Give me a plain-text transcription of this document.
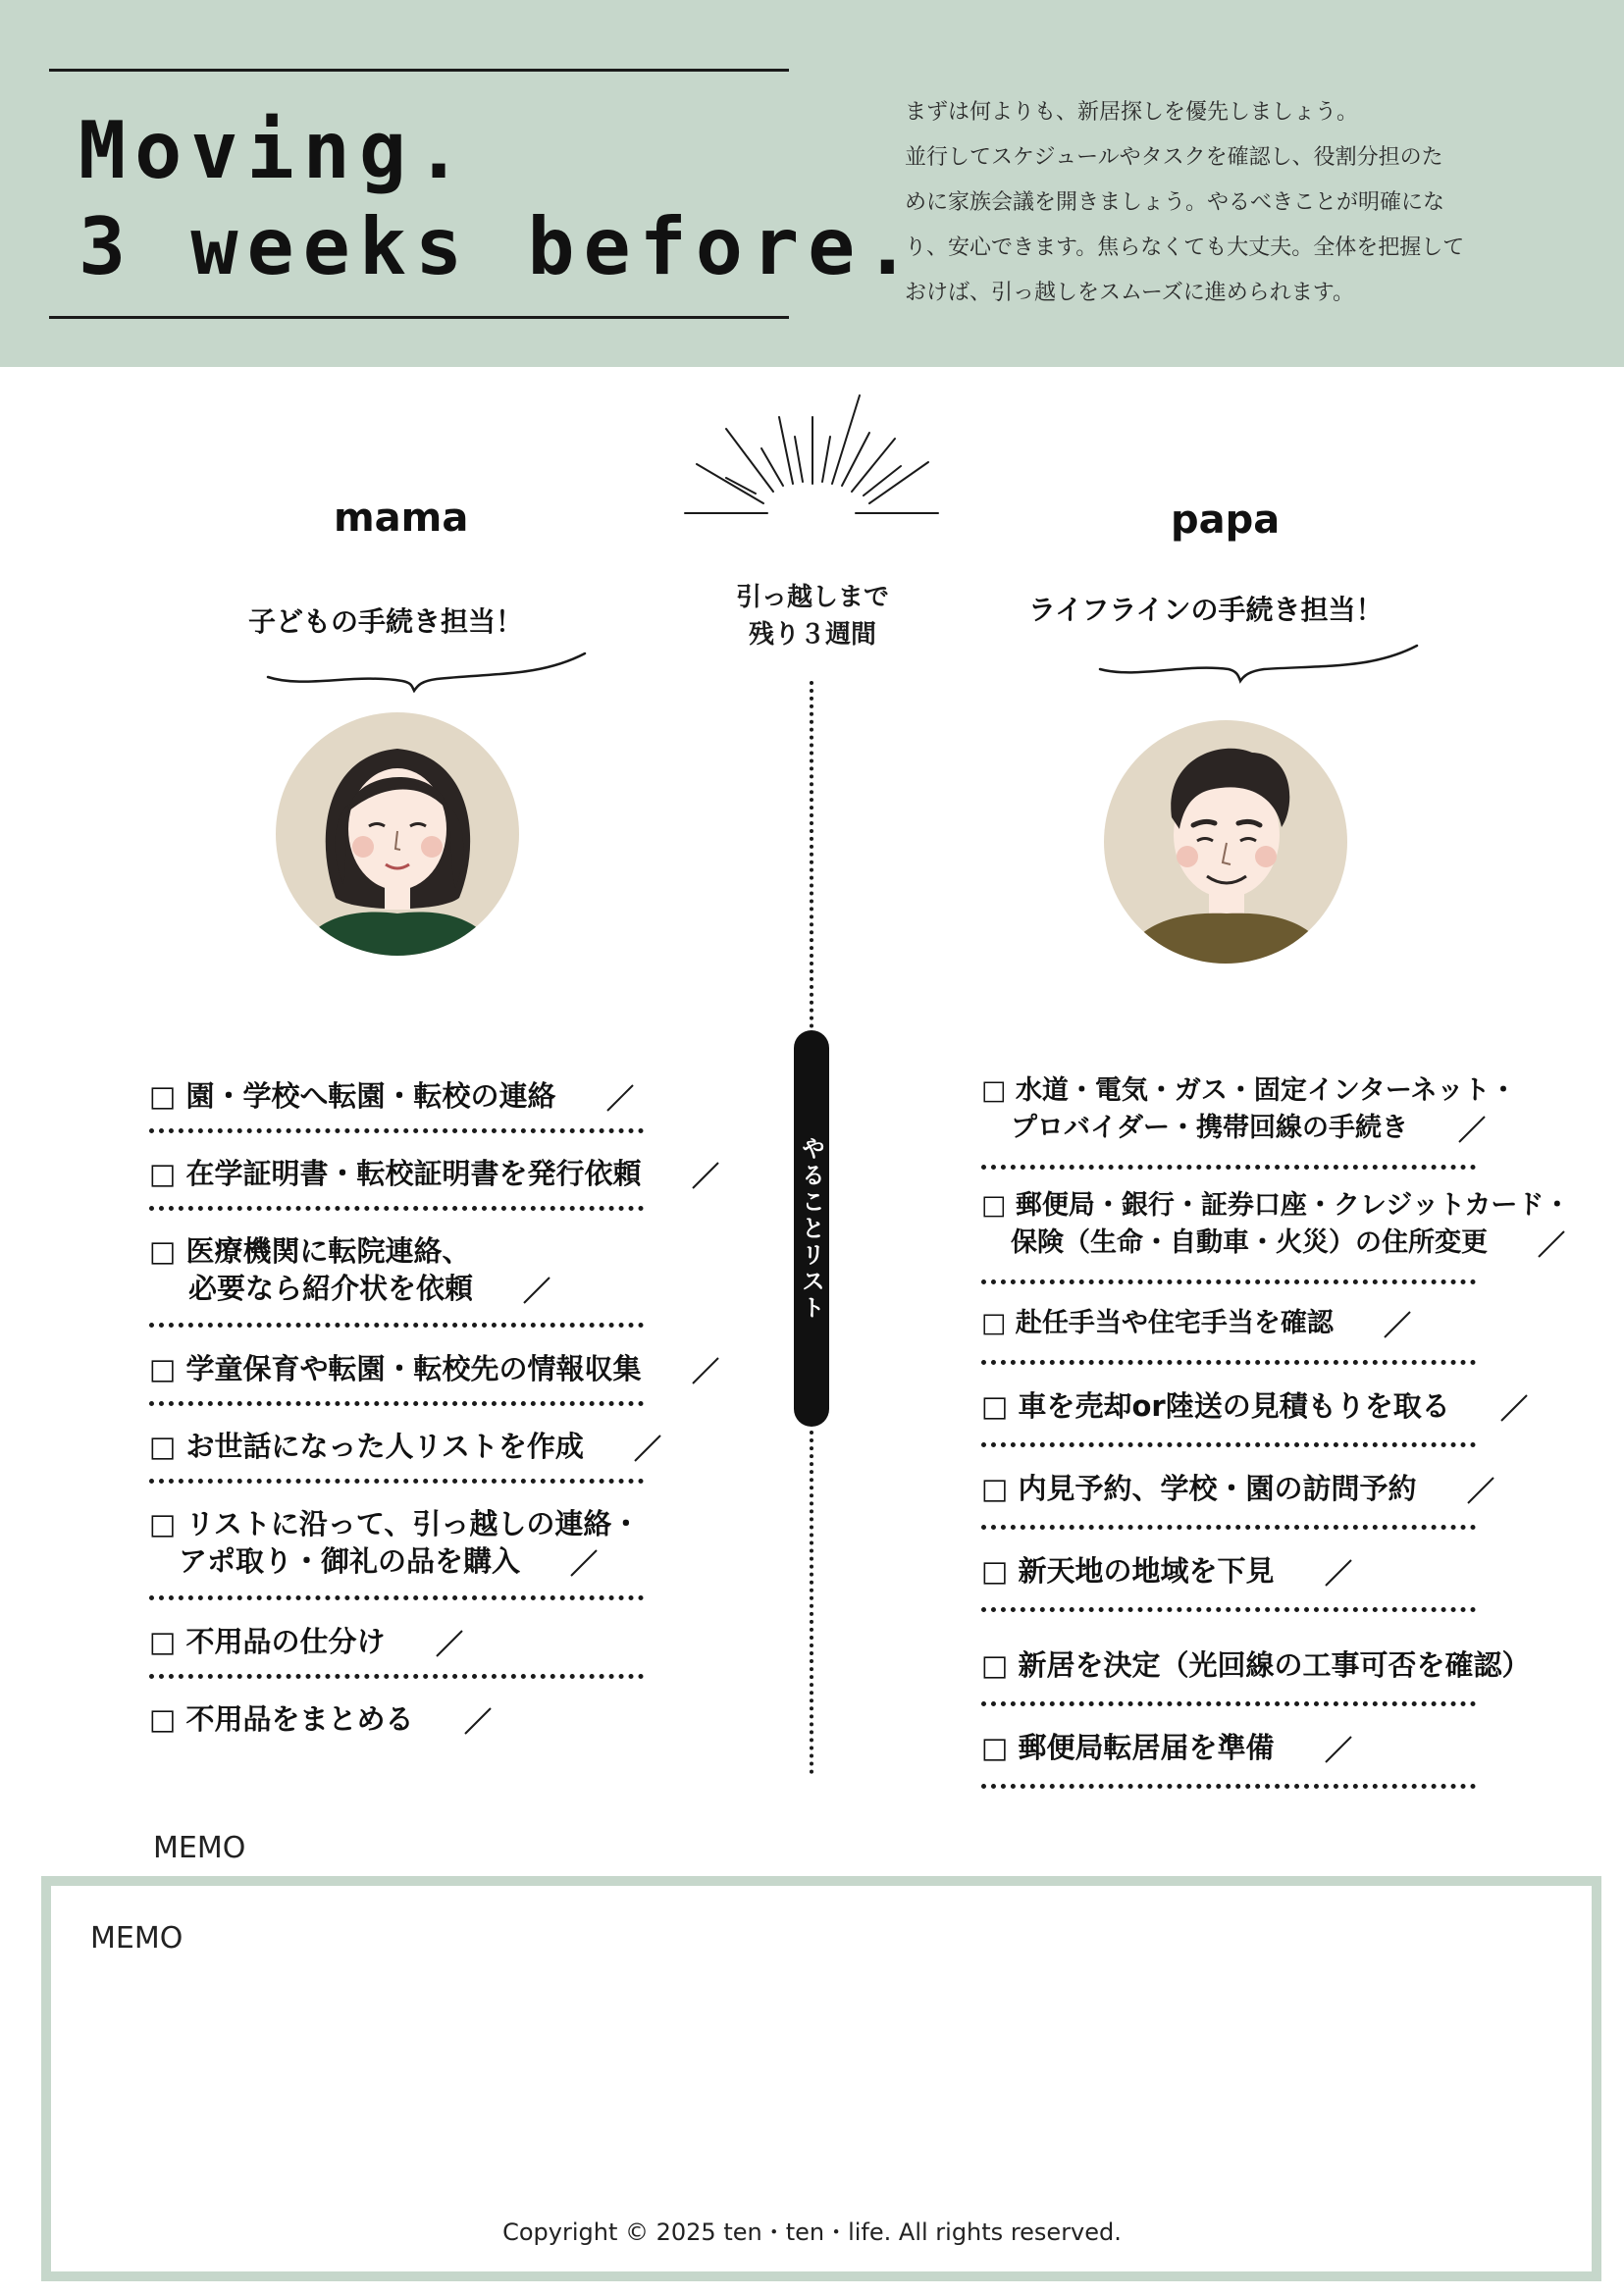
Moving.
3 weeks before.
まずは何よりも、新居探しを優先しましょう。
並行してスケジュールやタスクを確認し、役割分担のた
めに家族会議を開きましょう。やるべきことが明確にな
り、安心できます。焦らなくても大丈夫。全体を把握して
おけば、引っ越しをスムーズに進められます。
mama
子どもの手続き担当！
papa
ライフラインの手続き担当！
引っ越しまで
残り３週間
やることリスト
□ 園・学校へ転園・転校の連絡
□ 在学証明書・転校証明書を発行依頼
□ 医療機関に転院連絡、
必要なら紹介状を依頼
□ 学童保育や転園・転校先の情報収集
□ お世話になった人リストを作成
□ リストに沿って、引っ越しの連絡・
アポ取り・御礼の品を購入
□ 不用品の仕分け
□ 不用品をまとめる
□ 水道・電気・ガス・固定インターネット・
プロバイダー・携帯回線の手続き
□ 郵便局・銀行・証券口座・クレジットカード・
保険（生命・自動車・火災）の住所変更
□ 赴任手当や住宅手当を確認
□ 車を売却or陸送の見積もりを取る
□ 内見予約、学校・園の訪問予約
□ 新天地の地域を下見
□ 新居を決定（光回線の工事可否を確認）
□ 郵便局転居届を準備
MEMO
MEMO
Copyright © 2025 ten・ten・life. All rights reserved.
